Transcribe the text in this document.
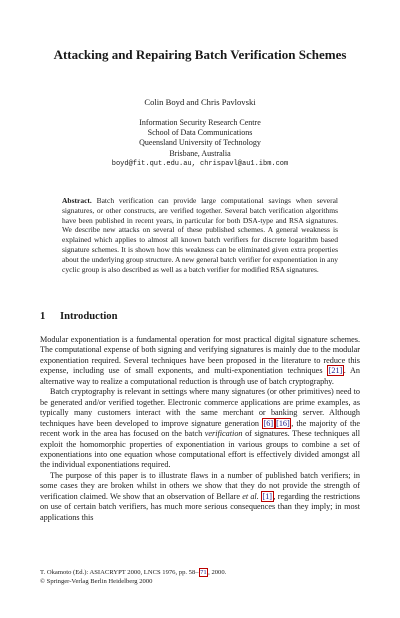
Attacking and Repairing Batch Verification Schemes
Colin Boyd and Chris Pavlovski
Information Security Research Centre
School of Data Communications
Queensland University of Technology
Brisbane, Australia
boyd@fit.qut.edu.au, chrispavl@au1.ibm.com
Abstract. Batch verification can provide large computational savings when several signatures, or other constructs, are verified together. Several batch verification algorithms have been published in recent years, in particular for both DSA-type and RSA signatures. We describe new attacks on several of these published schemes. A general weakness is explained which applies to almost all known batch verifiers for discrete logarithm based signature schemes. It is shown how this weakness can be eliminated given extra properties about the underlying group structure. A new general batch verifier for exponentiation in any cyclic group is also described as well as a batch verifier for modified RSA signatures.
1 Introduction

Modular exponentiation is a fundamental operation for most practical digital signature schemes. The computational expense of both signing and verifying signatures is mainly due to the modular exponentiation required. Several techniques have been proposed in the literature to reduce this expense, including use of small exponents, and multi-exponentiation techniques [21] . An alternative way to realize a computational reduction is through use of batch cryptography.

Batch cryptography is relevant in settings where many signatures (or other primitives) need to be generated and/or verified together. Electronic commerce applications are prime examples, as typically many customers interact with the same merchant or banking server. Although techniques have been developed to improve signature generation [6] [16] , the majority of the recent work in the area has focused on the batch verification of signatures. These techniques all exploit the homomorphic properties of exponentiation in various groups to combine a set of exponentiations into one equation whose computational effort is effectively divided amongst all the individual exponentiations required.

The purpose of this paper is to illustrate flaws in a number of published batch verifiers; in some cases they are broken whilst in others we show that they do not provide the strength of verification claimed. We show that an observation of Bellare et al. [1] , regarding the restrictions on use of certain batch verifiers, has much more serious consequences than they imply; in most applications this

T. Okamoto (Ed.): ASIACRYPT 2000, LNCS 1976, pp. 58– 71 , 2000.
© Springer-Verlag Berlin Heidelberg 2000
